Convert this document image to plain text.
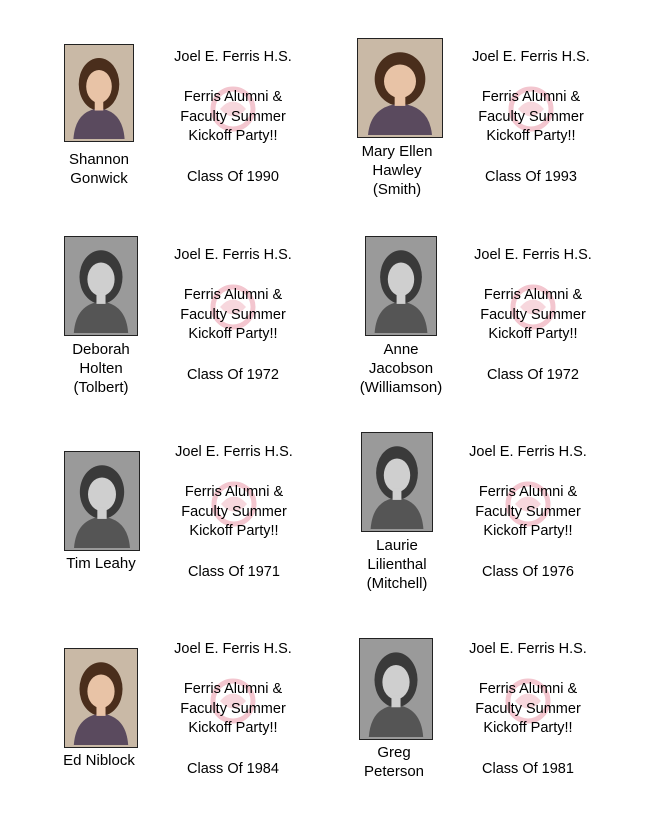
Shannon
Gonwick
Joel E. Ferris H.S.
Ferris Alumni &
Faculty Summer
Kickoff Party!!
Class Of 1990
Mary Ellen
Hawley
(Smith)
Joel E. Ferris H.S.
Ferris Alumni &
Faculty Summer
Kickoff Party!!
Class Of 1993
Deborah
Holten
(Tolbert)
Joel E. Ferris H.S.
Ferris Alumni &
Faculty Summer
Kickoff Party!!
Class Of 1972
Anne
Jacobson
(Williamson)
Joel E. Ferris H.S.
Ferris Alumni &
Faculty Summer
Kickoff Party!!
Class Of 1972
Tim Leahy
Joel E. Ferris H.S.
Ferris Alumni &
Faculty Summer
Kickoff Party!!
Class Of 1971
Laurie
Lilienthal
(Mitchell)
Joel E. Ferris H.S.
Ferris Alumni &
Faculty Summer
Kickoff Party!!
Class Of 1976
Ed Niblock
Joel E. Ferris H.S.
Ferris Alumni &
Faculty Summer
Kickoff Party!!
Class Of 1984
Greg
Peterson
Joel E. Ferris H.S.
Ferris Alumni &
Faculty Summer
Kickoff Party!!
Class Of 1981
